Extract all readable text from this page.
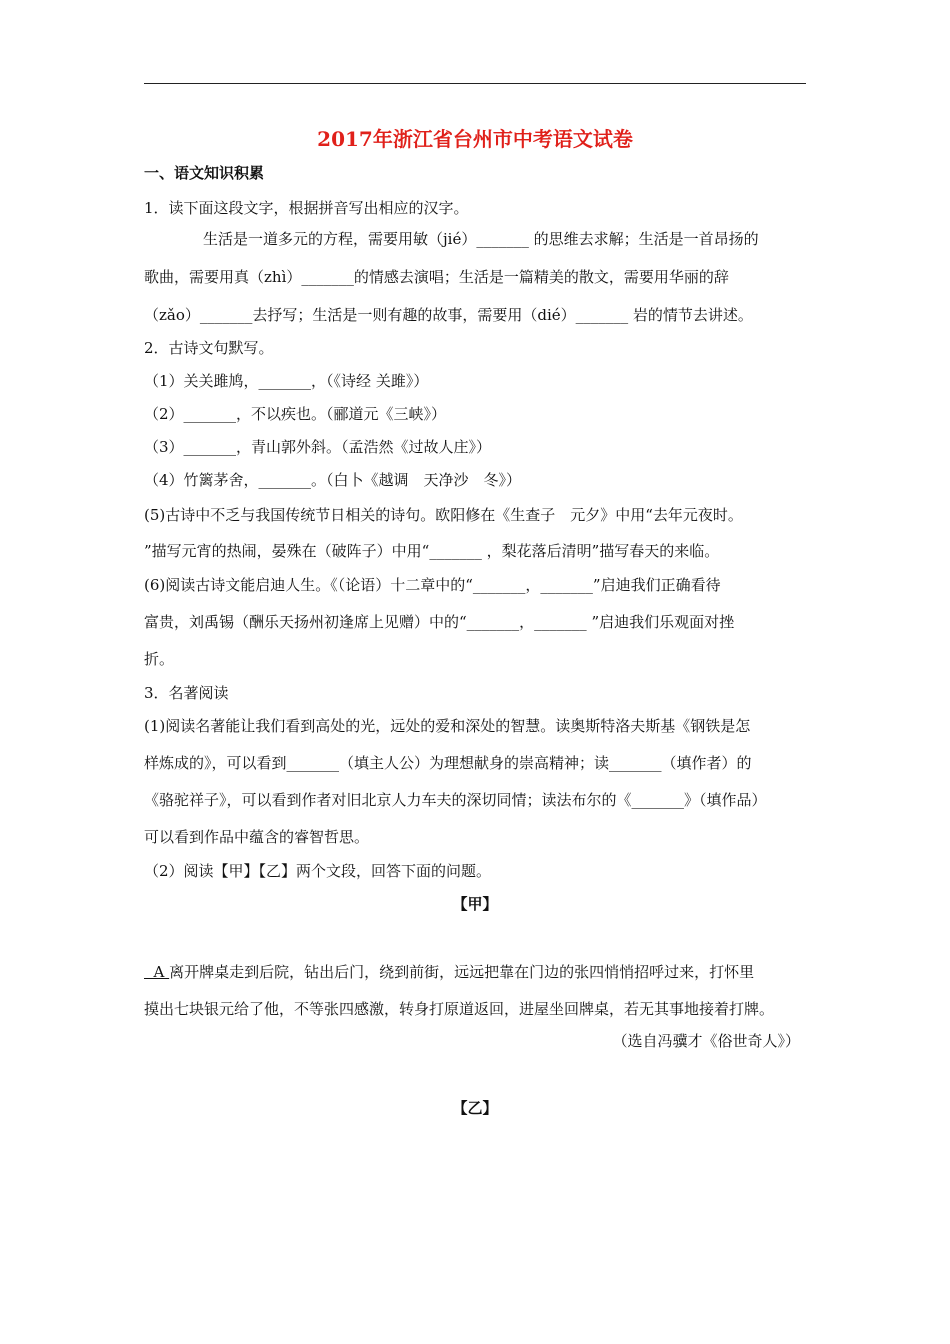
2017年浙江省台州市中考语文试卷
一、语文知识积累
1．读下面这段文字，根据拼音写出相应的汉字。
生活是一道多元的方程，需要用敏（jié）_______ 的思维去求解；生活是一首昂扬的
歌曲，需要用真（zhì）_______的情感去演唱；生活是一篇精美的散文，需要用华丽的辞
（zǎo）_______去抒写；生活是一则有趣的故事，需要用（dié）_______ 岩的情节去讲述。
2．古诗文句默写。
（1）关关雎鸠，_______，（《诗经 关雎》）
（2）_______，不以疾也。（郦道元《三峡》）
（3）_______，青山郭外斜。（孟浩然《过故人庄》）
（4）竹篱茅舍，_______。（白卜《越调　天净沙　冬》）
(5)古诗中不乏与我国传统节日相关的诗句。欧阳修在《生查子　元夕》中用“去年元夜时。
”描写元宵的热闹，晏殊在（破阵子）中用“_______ ，梨花落后清明”描写春天的来临。
(6)阅读古诗文能启迪人生。《（论语）十二章中的“_______，_______”启迪我们正确看待
富贵，刘禹锡（酬乐天扬州初逢席上见赠）中的“_______，_______ ”启迪我们乐观面对挫
折。
3．名著阅读
(1)阅读名著能让我们看到高处的光，远处的爱和深处的智慧。读奥斯特洛夫斯基《钢铁是怎
样炼成的》，可以看到_______（填主人公）为理想献身的崇高精神；读_______（填作者）的
《骆驼祥子》，可以看到作者对旧北京人力车夫的深切同情；读法布尔的《_______》（填作品）
可以看到作品中蕴含的睿智哲思。
（2）阅读【甲】【乙】两个文段，回答下面的问题。
【甲】
A 离开牌桌走到后院，钻出后门，绕到前街，远远把靠在门边的张四悄悄招呼过来，打怀里
摸出七块银元给了他，不等张四感激，转身打原道返回，进屋坐回牌桌，若无其事地接着打牌。
（选自冯骥才《俗世奇人》）
【乙】
